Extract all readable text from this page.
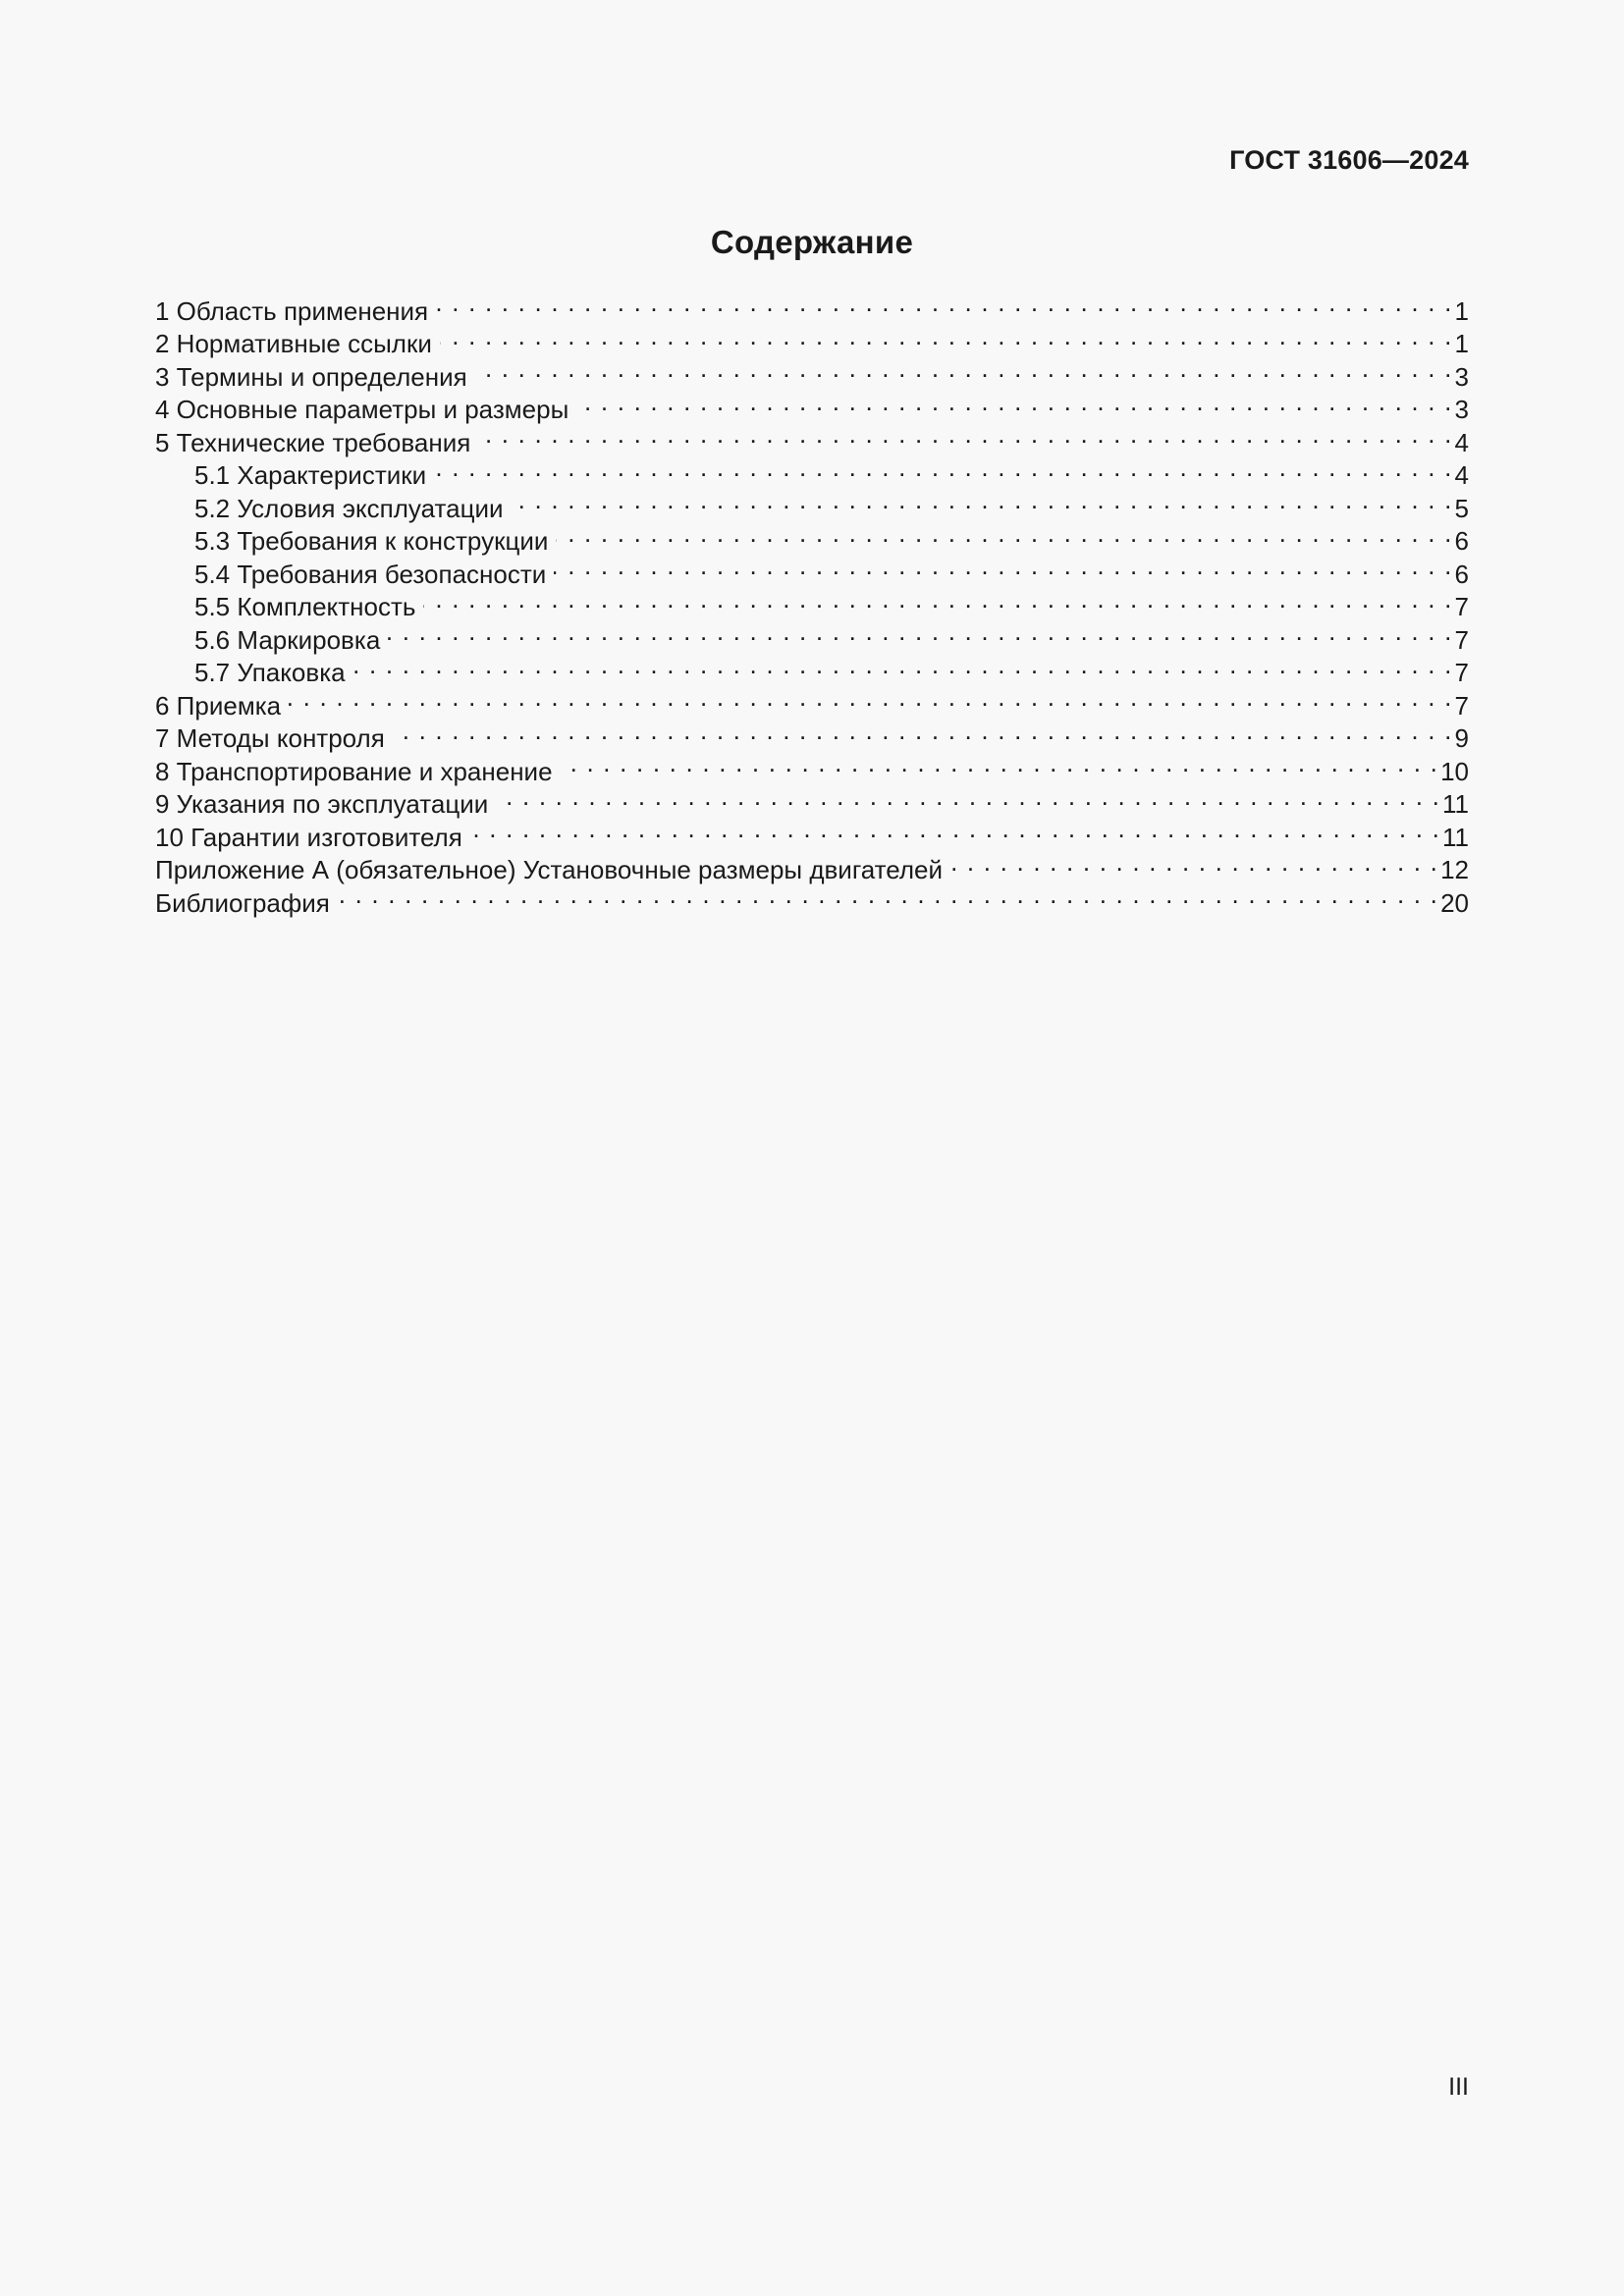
ГОСТ 31606—2024
Содержание
1 Область применения . . .	1
2 Нормативные ссылки . . .	1
3 Термины и определения . . .	3
4 Основные параметры и размеры . . .	3
5 Технические требования . . .	4
5.1 Характеристики . . .	4
5.2 Условия эксплуатации . . .	5
5.3 Требования к конструкции . . .	6
5.4 Требования безопасности . . .	6
5.5 Комплектность . . .	7
5.6 Маркировка . . .	7
5.7 Упаковка . . .	7
6 Приемка . . .	7
7 Методы контроля . . .	9
8 Транспортирование и хранение . . .	10
9 Указания по эксплуатации . . .	11
10 Гарантии изготовителя . . .	11
Приложение А (обязательное) Установочные размеры двигателей . . .	12
Библиография . . .	20
III
